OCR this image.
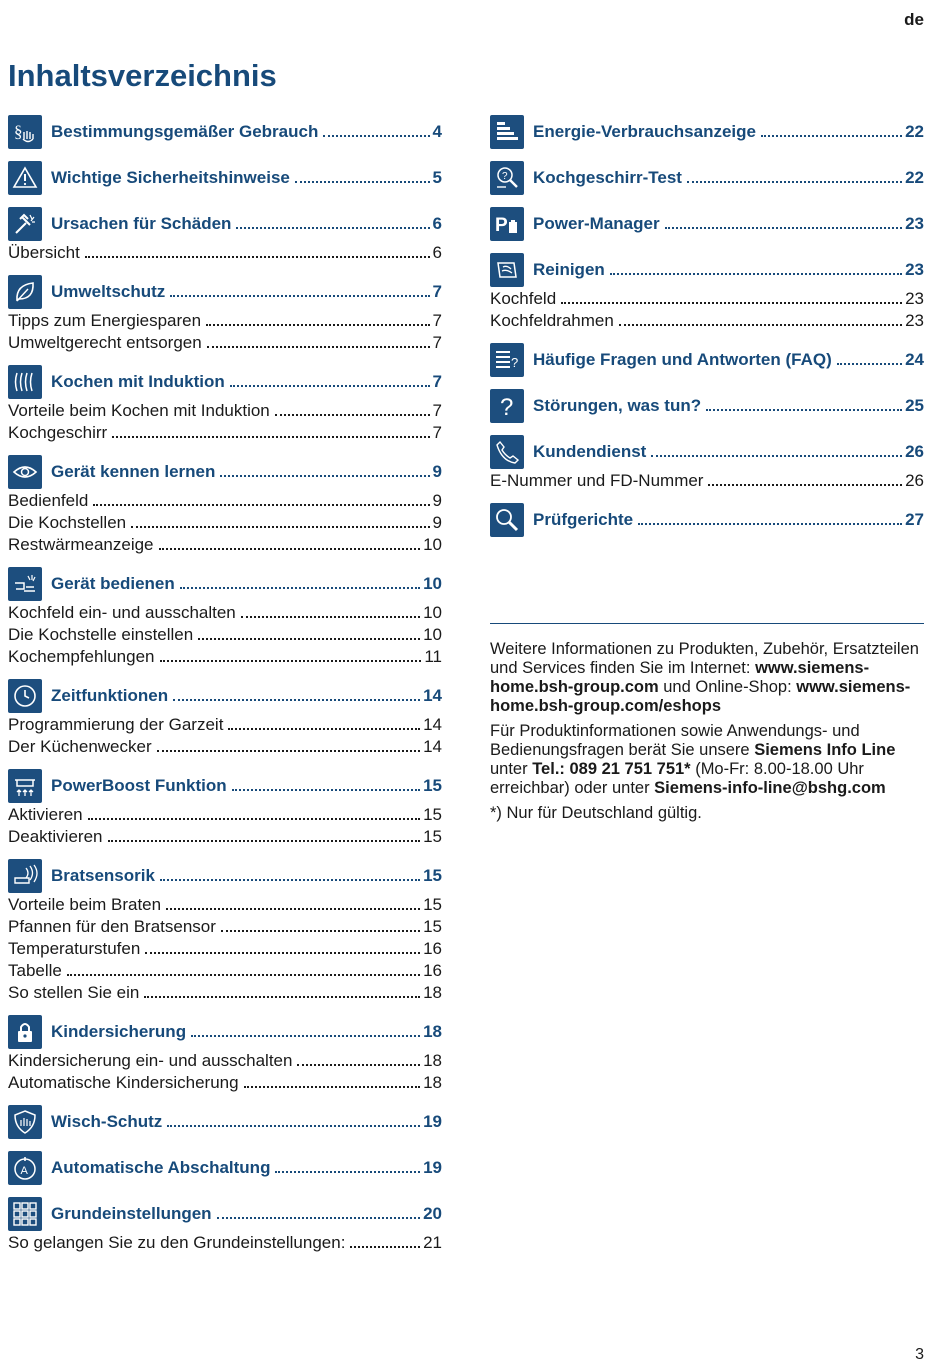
de
Inhaltsverzeichnis
§ Bestimmungsgemäßer Gebrauch	4
Wichtige Sicherheitshinweise	5
Ursachen für Schäden	6
Übersicht	6
Umweltschutz	7
Tipps zum Energiesparen	7
Umweltgerecht entsorgen	7
Kochen mit Induktion	7
Vorteile beim Kochen mit Induktion	7
Kochgeschirr	7
Gerät kennen lernen	9
Bedienfeld	9
Die Kochstellen	9
Restwärmeanzeige	10
Gerät bedienen	10
Kochfeld ein- und ausschalten	10
Die Kochstelle einstellen	10
Kochempfehlungen	11
Zeitfunktionen	14
Programmierung der Garzeit	14
Der Küchenwecker	14
PowerBoost Funktion	15
Aktivieren	15
Deaktivieren	15
Bratsensorik	15
Vorteile beim Braten	15
Pfannen für den Bratsensor	15
Temperaturstufen	16
Tabelle	16
So stellen Sie ein	18
Kindersicherung	18
Kindersicherung ein- und ausschalten	18
Automatische Kindersicherung	18
Wisch-Schutz	19
A Automatische Abschaltung	19
Grundeinstellungen	20
So gelangen Sie zu den Grundeinstellungen:	21
Energie-Verbrauchsanzeige	22
? Kochgeschirr-Test	22
P Power-Manager	23
Reinigen	23
Kochfeld	23
Kochfeldrahmen	23
? Häufige Fragen und Antworten (FAQ)	24
? Störungen, was tun?	25
Kundendienst	26
E-Nummer und FD-Nummer	26
Prüfgerichte	27

Weitere Informationen zu Produkten, Zubehör, Ersatzteilen und Services finden Sie im Internet: www.siemens-home.bsh-group.com und Online-Shop: www.siemens-home.bsh-group.com/eshops

Für Produktinformationen sowie Anwendungs- und Bedienungsfragen berät Sie unsere Siemens Info Line unter Tel.: 089 21 751 751* (Mo-Fr: 8.00-18.00 Uhr erreichbar) oder unter Siemens-info-line@bshg.com

*) Nur für Deutschland gültig.

3
